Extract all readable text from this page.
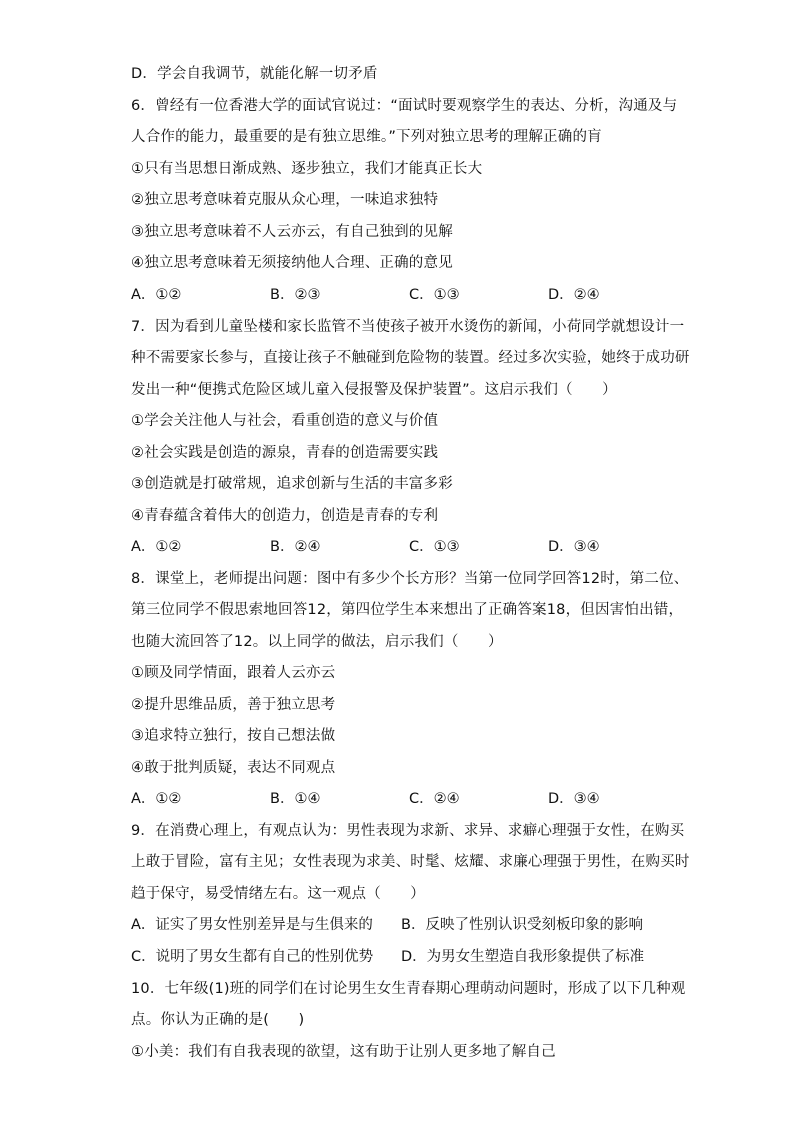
D．学会自我调节，就能化解一切矛盾
6．曾经有一位香港大学的面试官说过：“面试时要观察学生的表达、分析，沟通及与
人合作的能力，最重要的是有独立思维。”下列对独立思考的理解正确的肓
①只有当思想日渐成熟、逐步独立，我们才能真正长大
②独立思考意味着克服从众心理，一味追求独特
③独立思考意味着不人云亦云，有自己独到的见解
④独立思考意味着无须接纳他人合理、正确的意见
A．①②	B．②③	C．①③	D．②④
7．因为看到儿童坠楼和家长监管不当使孩子被开水烫伤的新闻，小荷同学就想设计一
种不需要家长参与，直接让孩子不触碰到危险物的装置。经过多次实验，她终于成功研
发出一种“便携式危险区域儿童入侵报警及保护装置”。这启示我们（　　）
①学会关注他人与社会，看重创造的意义与价值
②社会实践是创造的源泉，青春的创造需要实践
③创造就是打破常规，追求创新与生活的丰富多彩
④青春蕴含着伟大的创造力，创造是青春的专利
A．①②	B．②④	C．①③	D．③④
8．课堂上，老师提出问题：图中有多少个长方形？当第一位同学回答12时，第二位、
第三位同学不假思索地回答12，第四位学生本来想出了正确答案18，但因害怕出错，
也随大流回答了12。以上同学的做法，启示我们（　　）
①顾及同学情面，跟着人云亦云
②提升思维品质，善于独立思考
③追求特立独行，按自己想法做
④敢于批判质疑，表达不同观点
A．①②	B．①④	C．②④	D．③④
9．在消费心理上，有观点认为：男性表现为求新、求异、求癖心理强于女性，在购买
上敢于冒险，富有主见；女性表现为求美、时髦、炫耀、求廉心理强于男性，在购买时
趋于保守，易受情绪左右。这一观点（　　）
A．证实了男女性别差异是与生俱来的 B．反映了性别认识受刻板印象的影响
C．说明了男女生都有自己的性别优势 D．为男女生塑造自我形象提供了标准
10．七年级(1)班的同学们在讨论男生女生青春期心理萌动问题时，形成了以下几种观
点。你认为正确的是(　　)
①小美：我们有自我表现的欲望，这有助于让别人更多地了解自己
